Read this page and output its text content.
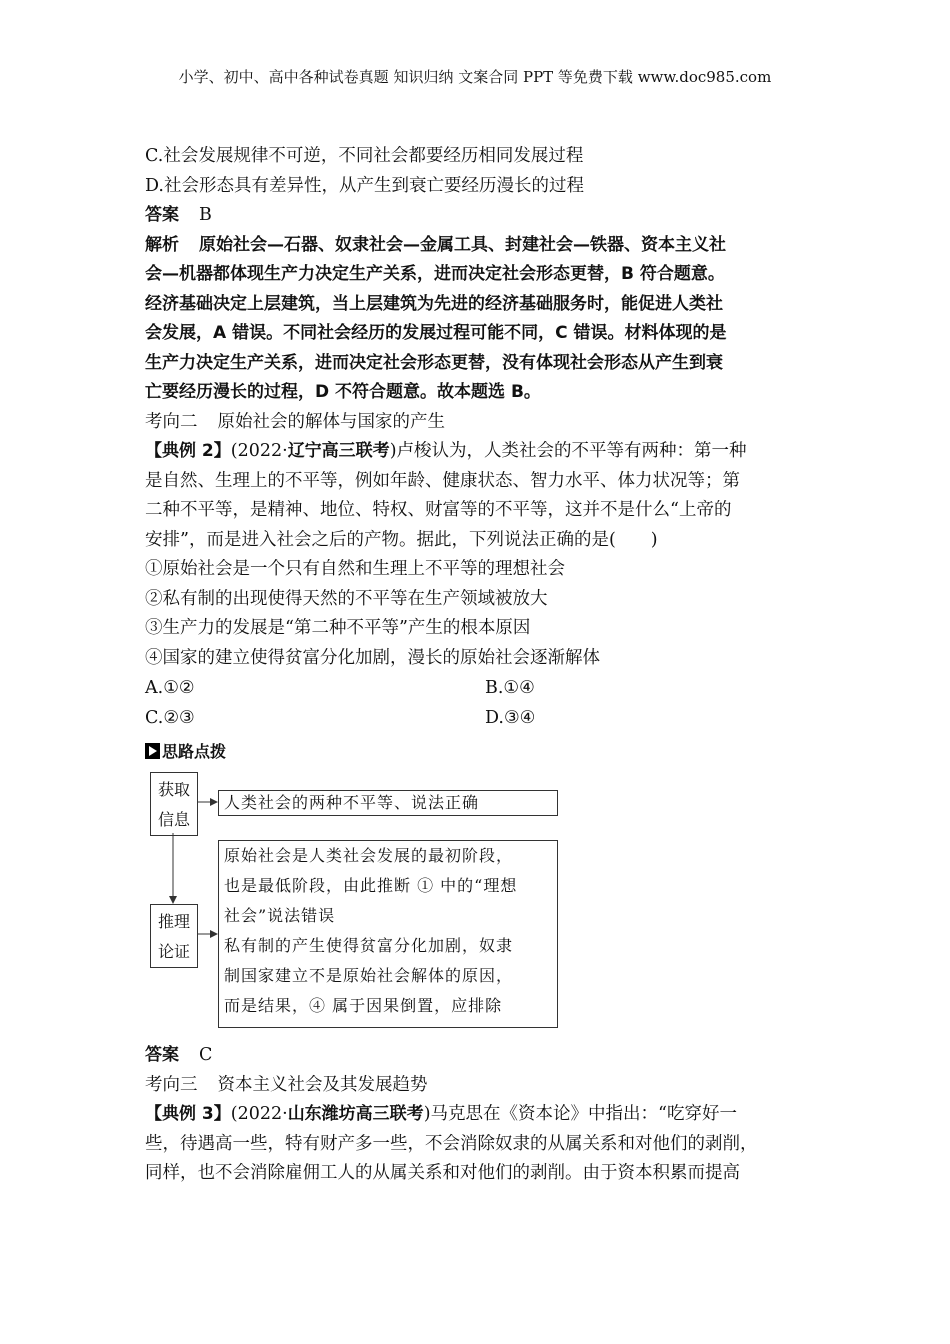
小学、初中、高中各种试卷真题 知识归纳 文案合同 PPT 等免费下载 www.doc985.com
C.社会发展规律不可逆，不同社会都要经历相同发展过程
D.社会形态具有差异性，从产生到衰亡要经历漫长的过程
答案 B
解析 原始社会—石器、奴隶社会—金属工具、封建社会—铁器、资本主义社
会—机器都体现生产力决定生产关系，进而决定社会形态更替，B 符合题意。
经济基础决定上层建筑，当上层建筑为先进的经济基础服务时，能促进人类社
会发展，A 错误。不同社会经历的发展过程可能不同，C 错误。材料体现的是
生产力决定生产关系，进而决定社会形态更替，没有体现社会形态从产生到衰
亡要经历漫长的过程，D 不符合题意。故本题选 B。
考向二 原始社会的解体与国家的产生
【典例 2】(2022·辽宁高三联考)卢梭认为，人类社会的不平等有两种：第一种
是自然、生理上的不平等，例如年龄、健康状态、智力水平、体力状况等；第
二种不平等，是精神、地位、特权、财富等的不平等，这并不是什么“上帝的
安排”，而是进入社会之后的产物。据此，下列说法正确的是(　　)
①原始社会是一个只有自然和生理上不平等的理想社会
②私有制的出现使得天然的不平等在生产领域被放大
③生产力的发展是“第二种不平等”产生的根本原因
④国家的建立使得贫富分化加剧，漫长的原始社会逐渐解体
A.①②	B.①④
C.②③	D.③④
思路点拨
获取
信息
人类社会的两种不平等、说法正确
推理
论证
原始社会是人类社会发展的最初阶段，
也是最低阶段，由此推断 ① 中的“理想
社会”说法错误
私有制的产生使得贫富分化加剧，奴隶
制国家建立不是原始社会解体的原因，
而是结果，④ 属于因果倒置，应排除
答案 C
考向三 资本主义社会及其发展趋势
【典例 3】(2022·山东潍坊高三联考)马克思在《资本论》中指出：“吃穿好一
些，待遇高一些，特有财产多一些，不会消除奴隶的从属关系和对他们的剥削，
同样，也不会消除雇佣工人的从属关系和对他们的剥削。由于资本积累而提高
